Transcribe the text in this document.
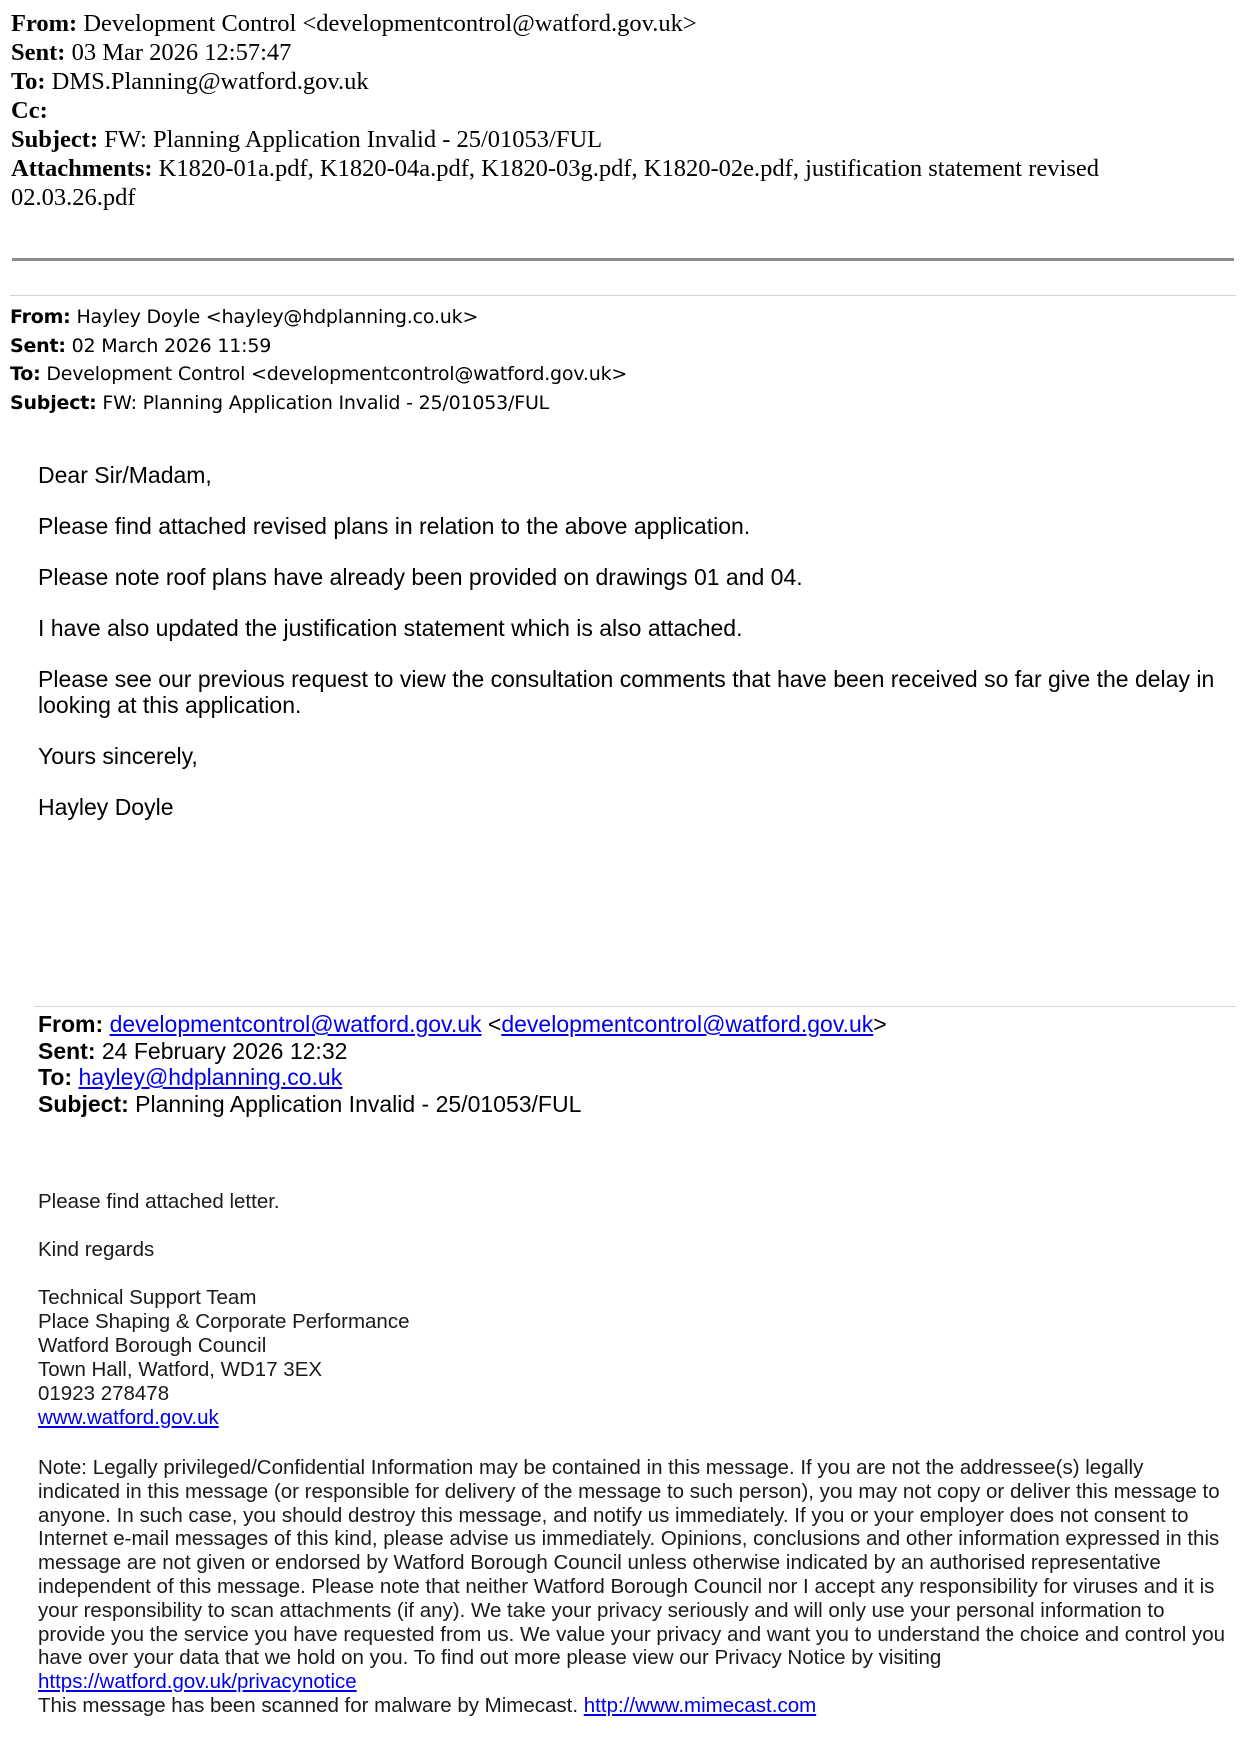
From: Development Control <developmentcontrol@watford.gov.uk>
Sent: 03 Mar 2026 12:57:47
To: DMS.Planning@watford.gov.uk
Cc:
Subject: FW: Planning Application Invalid - 25/01053/FUL
Attachments: K1820-01a.pdf, K1820-04a.pdf, K1820-03g.pdf, K1820-02e.pdf, justification statement revised 02.03.26.pdf
From: Hayley Doyle <hayley@hdplanning.co.uk>
Sent: 02 March 2026 11:59
To: Development Control <developmentcontrol@watford.gov.uk>
Subject: FW: Planning Application Invalid - 25/01053/FUL

Dear Sir/Madam,

Please find attached revised plans in relation to the above application.

Please note roof plans have already been provided on drawings 01 and 04.

I have also updated the justification statement which is also attached.

Please see our previous request to view the consultation comments that have been received so far give the delay in looking at this application.

Yours sincerely,

Hayley Doyle

From: developmentcontrol@watford.gov.uk <developmentcontrol@watford.gov.uk>
Sent: 24 February 2026 12:32
To: hayley@hdplanning.co.uk
Subject: Planning Application Invalid - 25/01053/FUL

Please find attached letter.

Kind regards

Technical Support Team
Place Shaping & Corporate Performance
Watford Borough Council
Town Hall, Watford, WD17 3EX
01923 278478
www.watford.gov.uk
Note: Legally privileged/Confidential Information may be contained in this message. If you are not the addressee(s) legally indicated in this message (or responsible for delivery of the message to such person), you may not copy or deliver this message to anyone. In such case, you should destroy this message, and notify us immediately. If you or your employer does not consent to Internet e-mail messages of this kind, please advise us immediately. Opinions, conclusions and other information expressed in this message are not given or endorsed by Watford Borough Council unless otherwise indicated by an authorised representative independent of this message. Please note that neither Watford Borough Council nor I accept any responsibility for viruses and it is your responsibility to scan attachments (if any). We take your privacy seriously and will only use your personal information to provide you the service you have requested from us. We value your privacy and want you to understand the choice and control you have over your data that we hold on you. To find out more please view our Privacy Notice by visiting
https://watford.gov.uk/privacynotice
This message has been scanned for malware by Mimecast. http://www.mimecast.com
